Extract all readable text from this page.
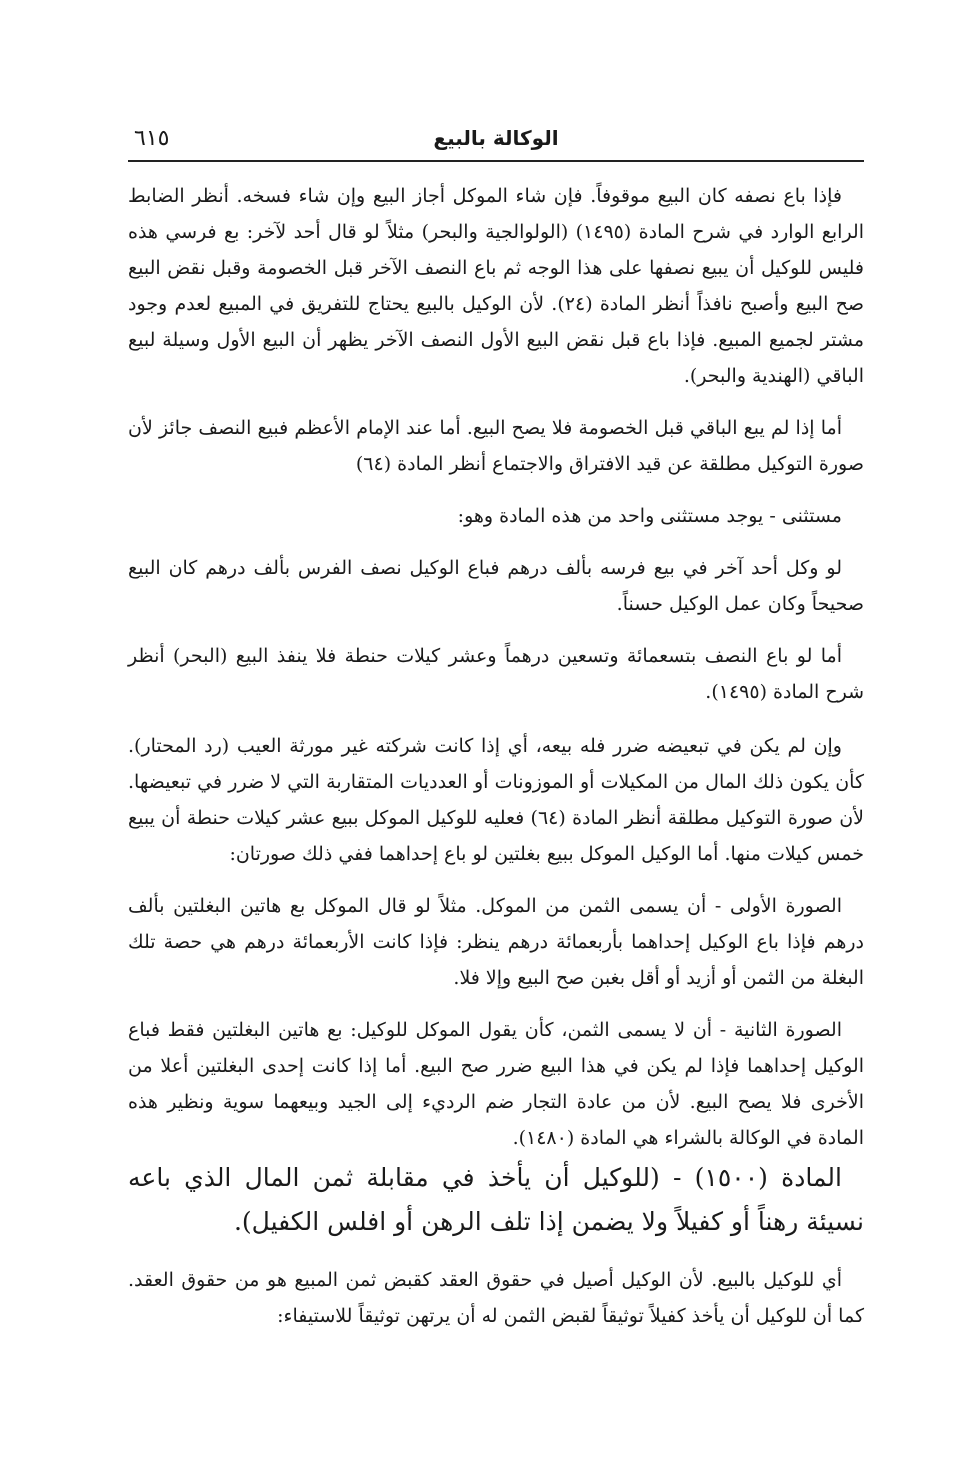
الوكالة بالبيع
٦١٥

فإذا باع نصفه كان البيع موقوفاً. فإن شاء الموكل أجاز البيع وإن شاء فسخه. أنظر الضابط الرابع الوارد في شرح المادة (١٤٩٥) (الولوالجية والبحر) مثلاً لو قال أحد لآخر: بع فرسي هذه فليس للوكيل أن يبيع نصفها على هذا الوجه ثم باع النصف الآخر قبل الخصومة وقبل نقض البيع صح البيع وأصبح نافذاً أنظر المادة (٢٤). لأن الوكيل بالبيع يحتاج للتفريق في المبيع لعدم وجود مشتر لجميع المبيع. فإذا باع قبل نقض البيع الأول النصف الآخر يظهر أن البيع الأول وسيلة لبيع الباقي (الهندية والبحر).

أما إذا لم يبع الباقي قبل الخصومة فلا يصح البيع. أما عند الإمام الأعظم فبيع النصف جائز لأن صورة التوكيل مطلقة عن قيد الافتراق والاجتماع أنظر المادة (٦٤)

مستثنى - يوجد مستثنى واحد من هذه المادة وهو:

لو وكل أحد آخر في بيع فرسه بألف درهم فباع الوكيل نصف الفرس بألف درهم كان البيع صحيحاً وكان عمل الوكيل حسناً.

أما لو باع النصف بتسعمائة وتسعين درهماً وعشر كيلات حنطة فلا ينفذ البيع (البحر) أنظر شرح المادة (١٤٩٥).

وإن لم يكن في تبعيضه ضرر فله بيعه، أي إذا كانت شركته غير مورثة العيب (رد المحتار). كأن يكون ذلك المال من المكيلات أو الموزونات أو العدديات المتقاربة التي لا ضرر في تبعيضها. لأن صورة التوكيل مطلقة أنظر المادة (٦٤) فعليه للوكيل الموكل ببيع عشر كيلات حنطة أن يبيع خمس كيلات منها. أما الوكيل الموكل ببيع بغلتين لو باع إحداهما ففي ذلك صورتان:

الصورة الأولى - أن يسمى الثمن من الموكل. مثلاً لو قال الموكل بع هاتين البغلتين بألف درهم فإذا باع الوكيل إحداهما بأربعمائة درهم ينظر: فإذا كانت الأربعمائة درهم هي حصة تلك البغلة من الثمن أو أزيد أو أقل بغبن صح البيع وإلا فلا.

الصورة الثانية - أن لا يسمى الثمن، كأن يقول الموكل للوكيل: بع هاتين البغلتين فقط فباع الوكيل إحداهما فإذا لم يكن في هذا البيع ضرر صح البيع. أما إذا كانت إحدى البغلتين أعلا من الأخرى فلا يصح البيع. لأن من عادة التجار ضم الرديء إلى الجيد وبيعهما سوية ونظير هذه المادة في الوكالة بالشراء هي المادة (١٤٨٠).

المادة (١٥٠٠) - (للوكيل أن يأخذ في مقابلة ثمن المال الذي باعه نسيئة رهناً أو كفيلاً ولا يضمن إذا تلف الرهن أو افلس الكفيل).

أي للوكيل بالبيع. لأن الوكيل أصيل في حقوق العقد كقبض ثمن المبيع هو من حقوق العقد. كما أن للوكيل أن يأخذ كفيلاً توثيقاً لقبض الثمن له أن يرتهن توثيقاً للاستيفاء:
